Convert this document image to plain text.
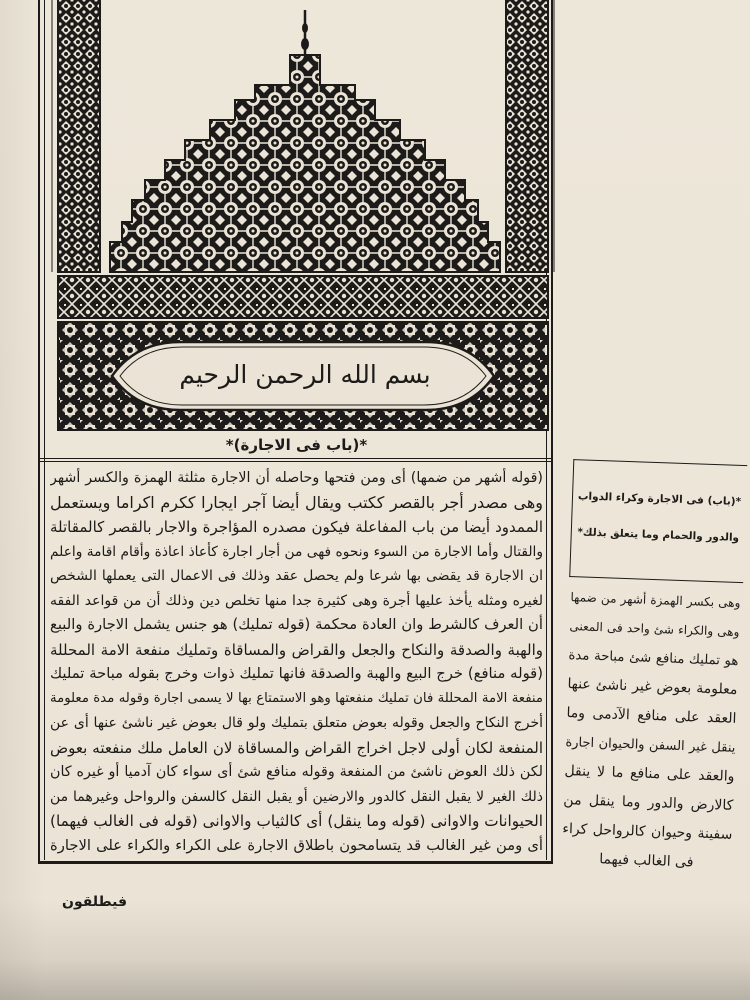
بسم الله الرحمن الرحيم
*(باب فى الاجارة)*
(قوله أشهر من ضمها) أى ومن فتحها وحاصله أن الاجارة مثلثة الهمزة والكسر أشهر
وهى مصدر أجر بالقصر ككتب ويقال أيضا آجر ايجارا ككرم اكراما ويستعمل
الممدود أيضا من باب المفاعلة فيكون مصدره المؤاجرة والاجار بالقصر كالمقاتلة
والقتال وأما الاجارة من السوء ونحوه فهى من أجار اجارة كأعاذ اعاذة وأقام اقامة واعلم
ان الاجارة قد يقضى بها شرعا ولم يحصل عقد وذلك فى الاعمال التى يعملها الشخص
لغيره ومثله يأخذ عليها أجرة وهى كثيرة جدا منها تخلص دين وذلك أن من قواعد الفقه
أن العرف كالشرط وان العادة محكمة (قوله تمليك) هو جنس يشمل الاجارة والبيع
والهبة والصدقة والنكاح والجعل والقراض والمساقاة وتمليك منفعة الامة المحللة
(قوله منافع) خرج البيع والهبة والصدقة فانها تمليك ذوات وخرج بقوله مباحة تمليك
منفعة الامة المحللة فان تمليك منفعتها وهو الاستمتاع بها لا يسمى اجارة وقوله مدة معلومة
أخرج النكاح والجعل وقوله بعوض متعلق بتمليك ولو قال بعوض غير ناشئ عنها أى عن
المنفعة لكان أولى لاجل اخراج القراض والمساقاة لان العامل ملك منفعته بعوض
لكن ذلك العوض ناشئ من المنفعة وقوله منافع شئ أى سواء كان آدميا أو غيره كان
ذلك الغير لا يقبل النقل كالدور والارضين أو يقبل النقل كالسفن والرواحل وغيرهما من
الحيوانات والاوانى (قوله وما ينقل) أى كالثياب والاوانى (قوله فى الغالب فيهما)
أى ومن غير الغالب قد يتسامحون باطلاق الاجارة على الكراء والكراء على الاجارة
فيطلقون
*(باب) فى الاجارة وكراء الدواب
والدور والحمام وما يتعلق بذلك*
وهى بكسر الهمزة أشهر من ضمها
وهى والكراء شئ واحد فى المعنى
هو تمليك منافع شئ مباحة مدة
معلومة بعوض غير ناشئ عنها
العقد على منافع الآدمى وما
ينقل غير السفن والحيوان اجارة
والعقد على منافع ما لا ينقل
كالارض والدور وما ينقل من
سفينة وحيوان كالرواحل كراء
فى الغالب فيهما
